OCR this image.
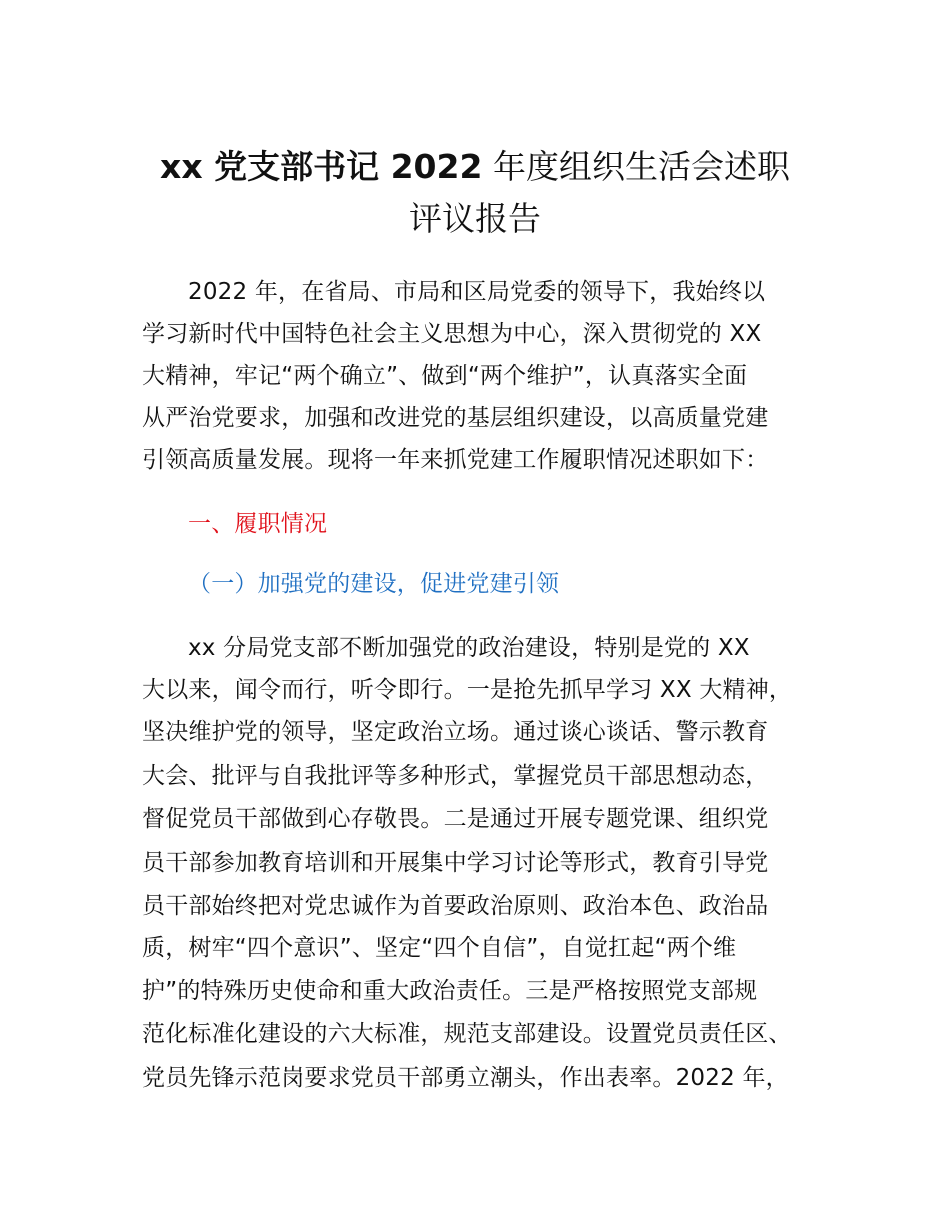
xx 党支部书记 2022 年度组织生活会述职
评议报告
2022 年，在省局、市局和区局党委的领导下，我始终以
学习新时代中国特色社会主义思想为中心，深入贯彻党的 XX
大精神，牢记“两个确立”、做到“两个维护”，认真落实全面
从严治党要求，加强和改进党的基层组织建设，以高质量党建
引领高质量发展。现将一年来抓党建工作履职情况述职如下：
一、履职情况
（一）加强党的建设，促进党建引领
xx 分局党支部不断加强党的政治建设，特别是党的 XX
大以来，闻令而行，听令即行。一是抢先抓早学习 XX 大精神，
坚决维护党的领导，坚定政治立场。通过谈心谈话、警示教育
大会、批评与自我批评等多种形式，掌握党员干部思想动态，
督促党员干部做到心存敬畏。二是通过开展专题党课、组织党
员干部参加教育培训和开展集中学习讨论等形式，教育引导党
员干部始终把对党忠诚作为首要政治原则、政治本色、政治品
质，树牢“四个意识”、坚定“四个自信”，自觉扛起“两个维
护”的特殊历史使命和重大政治责任。三是严格按照党支部规
范化标准化建设的六大标准，规范支部建设。设置党员责任区、
党员先锋示范岗要求党员干部勇立潮头，作出表率。2022 年，
